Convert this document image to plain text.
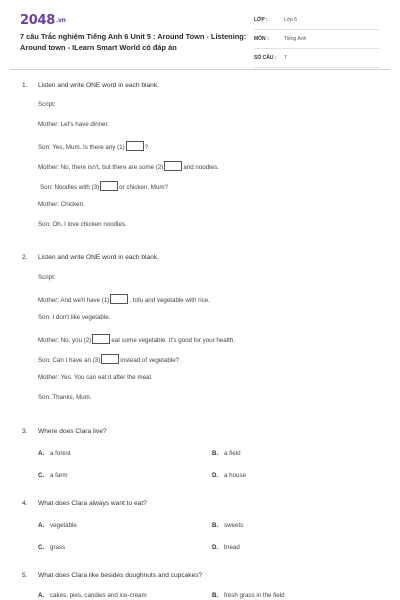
2048.vn
7 câu Trắc nghiệm Tiếng Anh 6 Unit 5 : Around Town - Listening: Around town - ILearn Smart World có đáp án
LỚP :	Lớp 6
MÔN :	Tiếng Anh
SỐ CÂU : 7
1. Listen and write ONE word in each blank.
Script:
Mother: Let's have dinner.
Son: Yes, Mum. Is there any (1)	?
Mother: No, there isn't, but there are some (2)	and noodles.
Son: Noodles with (3)	or chicken, Mum?
Mother: Chicken.
Son: Oh, I love chicken noodles.
2. Listen and write ONE word in each blank.
Script:
Mother: And we'll have (1)	, tofu and vegetable with rice.
Son: I don't like vegetable.
Mother: No, you (2)	eat some vegetable. It's good for your health.
Son: Can I have an (3)	instead of vegetable?
Mother: Yes. You can eat it after the meal.
Son: Thanks, Mum.
3. Where does Clara live?
A. a forest	B. a field
C. a farm	D. a house
4. What does Clara always want to eat?
A. vegetable	B. sweets
C. grass	D. bread
5. What does Clara like besides doughnuts and cupcakes?
A. cakes, pies, candies and ice-cream	B. fresh grass in the field
